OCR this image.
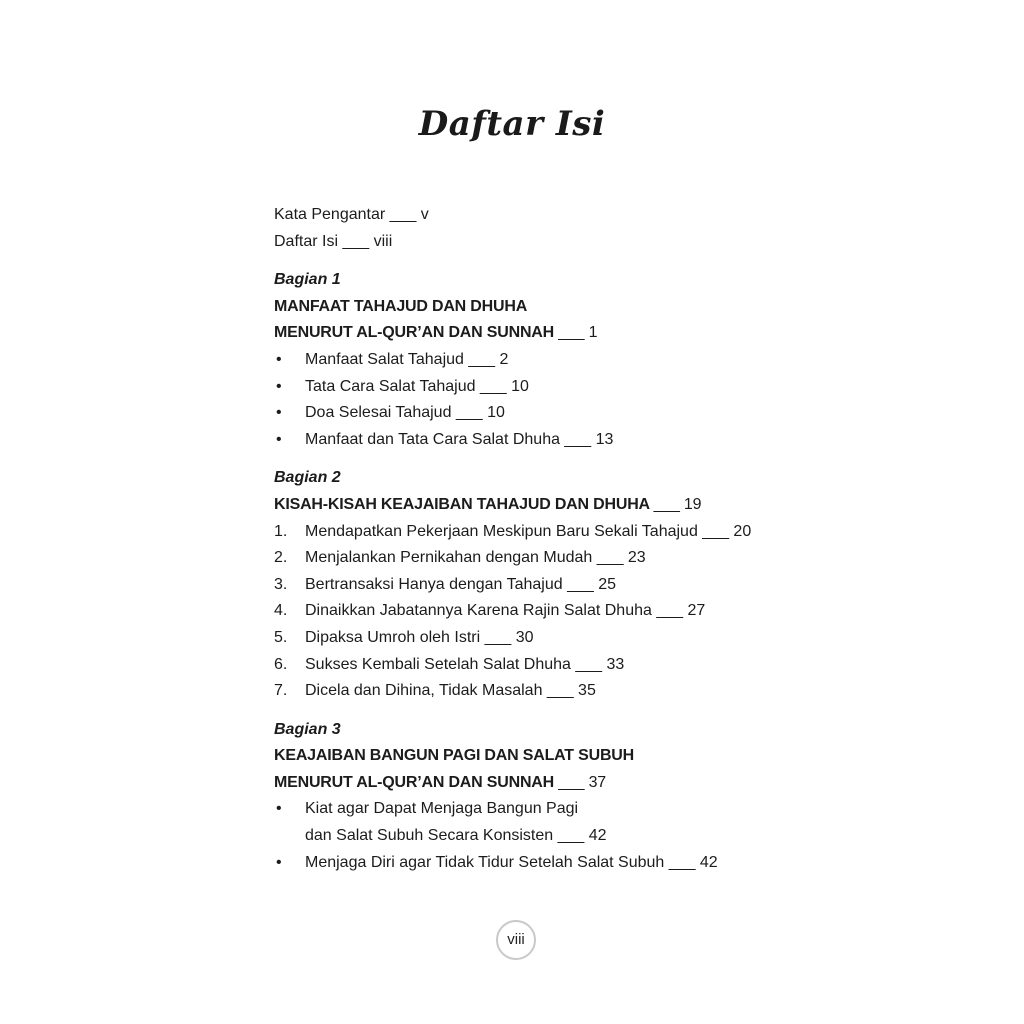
Daftar Isi
Kata Pengantar ___ v
Daftar Isi ___ viii
Bagian 1
MANFAAT TAHAJUD DAN DHUHA
MENURUT AL-QUR’AN DAN SUNNAH ___ 1
• Manfaat Salat Tahajud ___ 2
• Tata Cara Salat Tahajud ___ 10
• Doa Selesai Tahajud ___ 10
• Manfaat dan Tata Cara Salat Dhuha ___ 13
Bagian 2
KISAH-KISAH KEAJAIBAN TAHAJUD DAN DHUHA ___ 19
1. Mendapatkan Pekerjaan Meskipun Baru Sekali Tahajud ___ 20
2. Menjalankan Pernikahan dengan Mudah ___ 23
3. Bertransaksi Hanya dengan Tahajud ___ 25
4. Dinaikkan Jabatannya Karena Rajin Salat Dhuha ___ 27
5. Dipaksa Umroh oleh Istri ___ 30
6. Sukses Kembali Setelah Salat Dhuha ___ 33
7. Dicela dan Dihina, Tidak Masalah ___ 35
Bagian 3
KEAJAIBAN BANGUN PAGI DAN SALAT SUBUH
MENURUT AL-QUR’AN DAN SUNNAH ___ 37
• Kiat agar Dapat Menjaga Bangun Pagi
dan Salat Subuh Secara Konsisten ___ 42
• Menjaga Diri agar Tidak Tidur Setelah Salat Subuh ___ 42
viii
